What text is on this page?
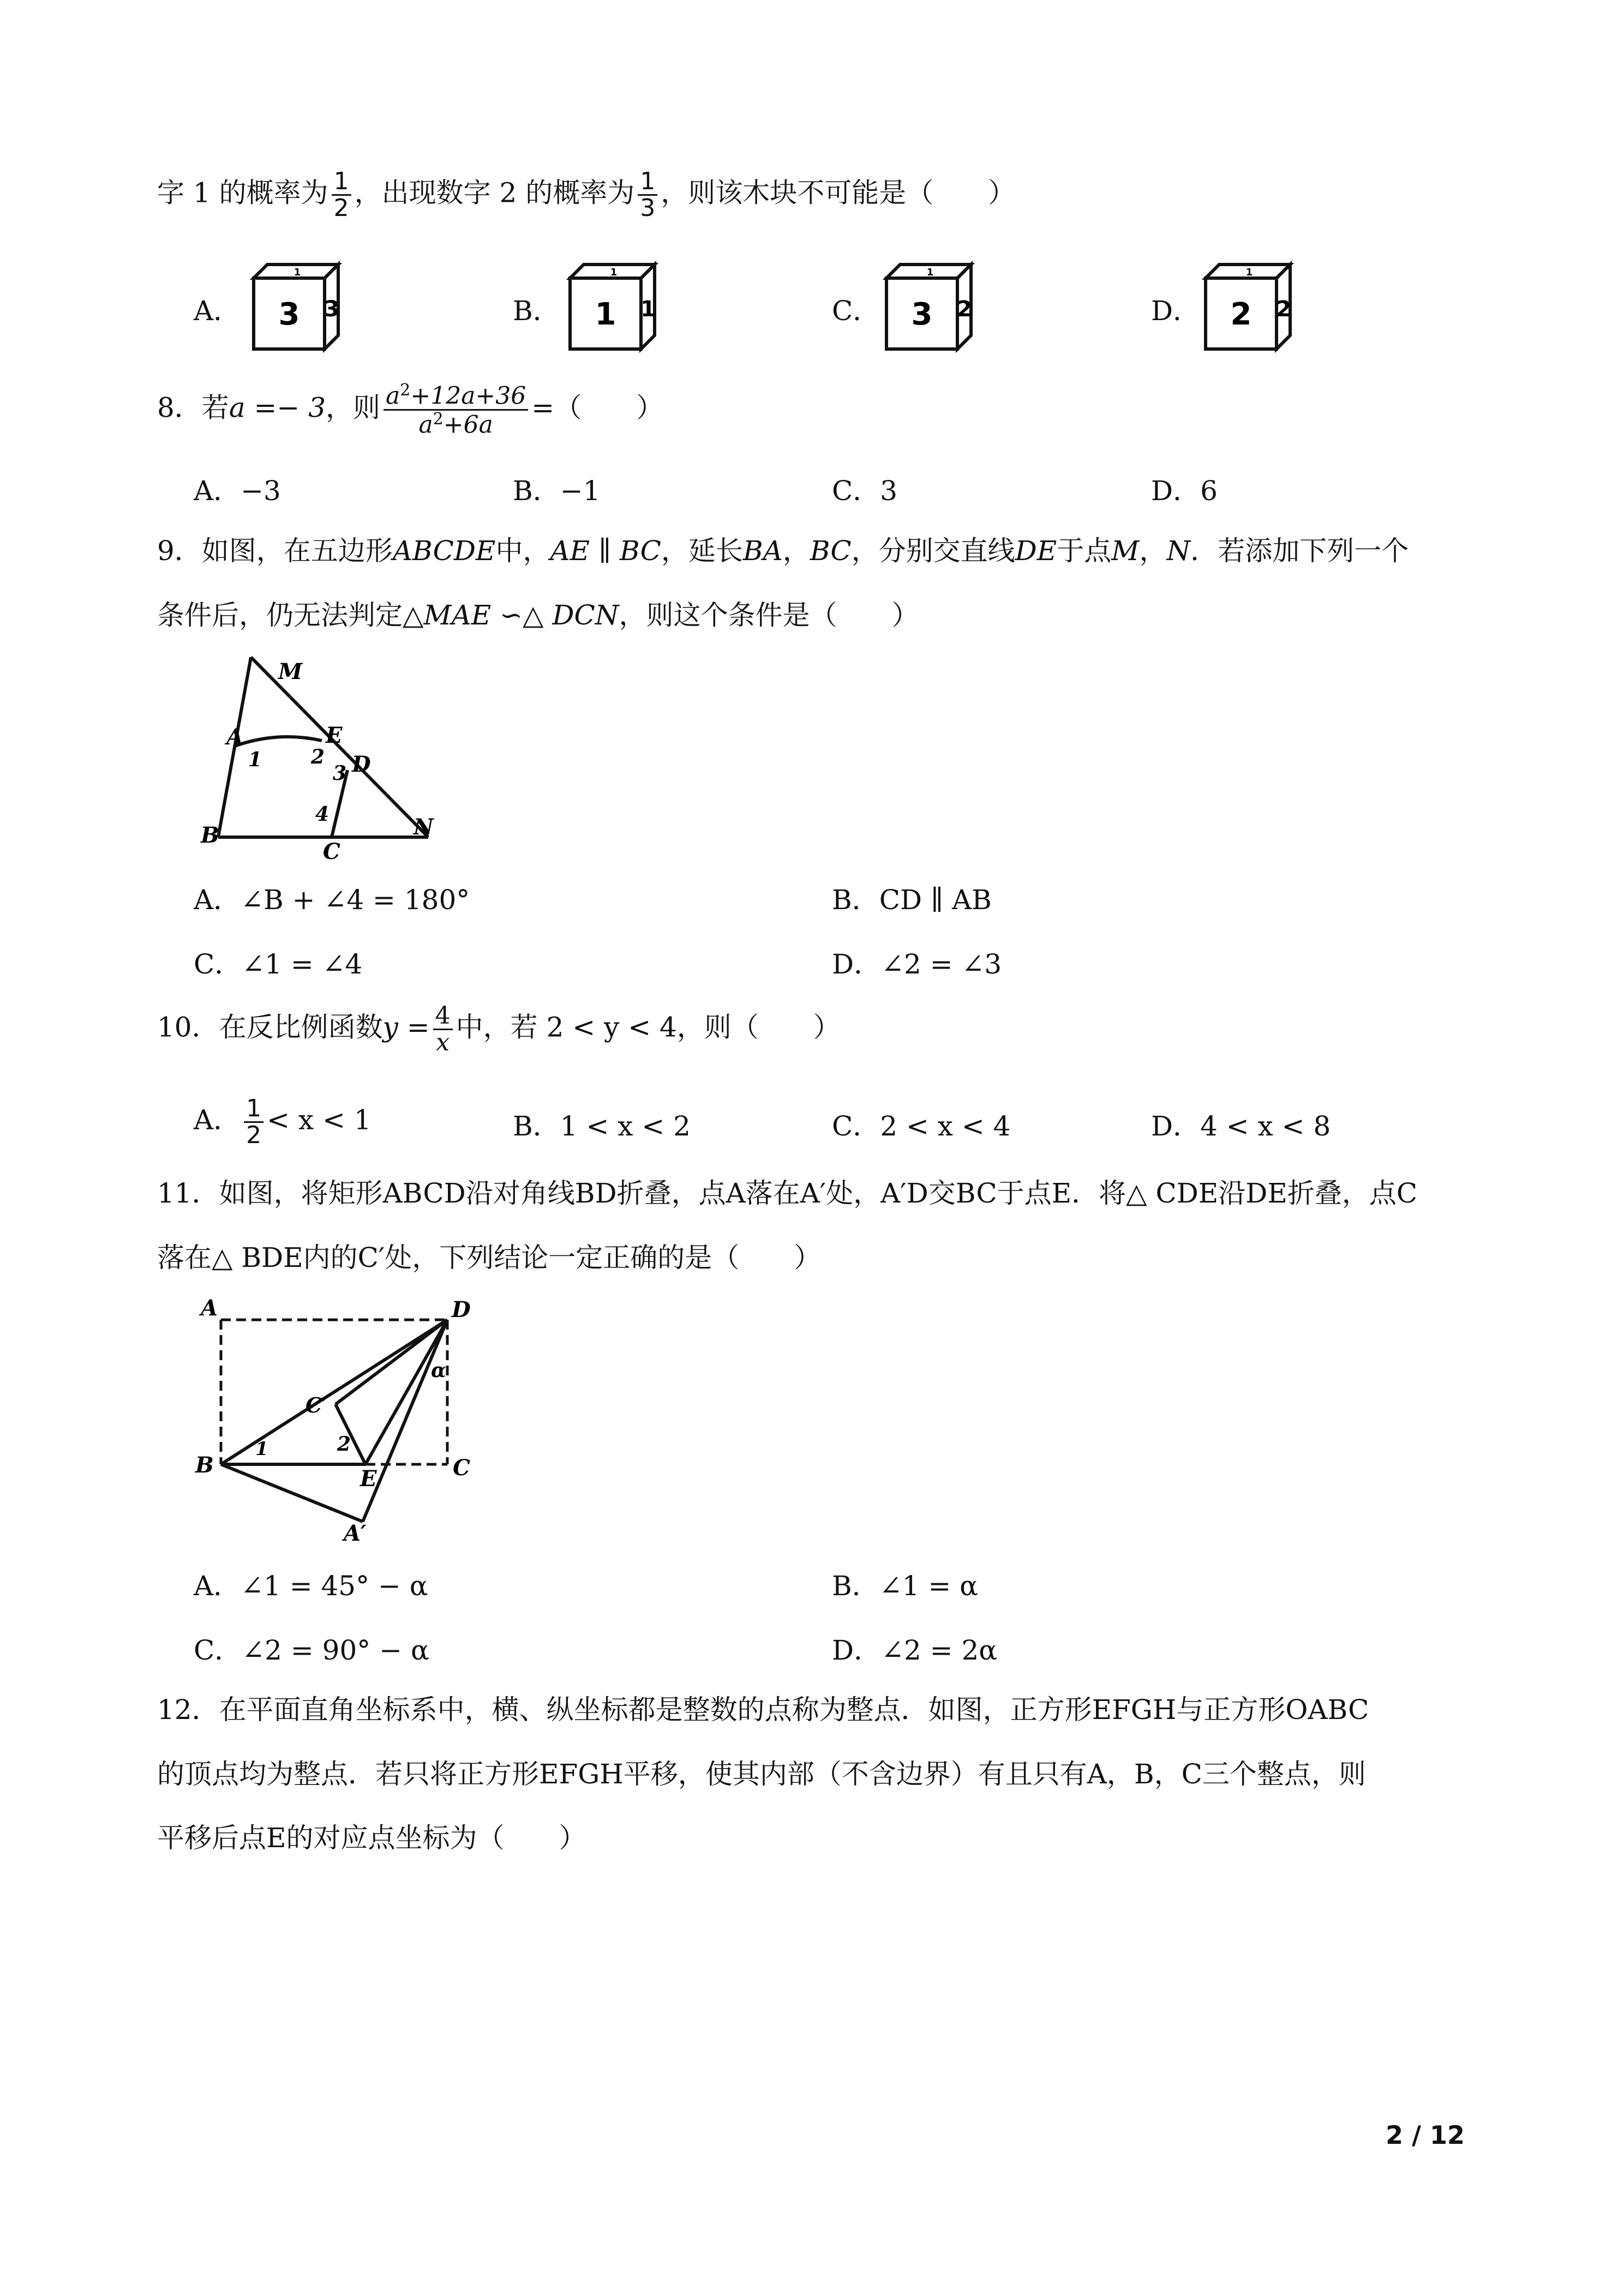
字 1 的概率为 $\frac{1}{2}$ ，出现数字 2 的概率为 $\frac{1}{3}$ ，则该木块不可能是（　　）
A．	B．	C．	D．
3 3
1
1 1
1
3 2
1
2 2
1
8．若a =− 3，则 $\frac{a^2+12a+36}{a^2+6a}$ =（　　）
A．−3	B．−1	C．3	D．6
9．如图，在五边形ABCDE中，AE ∥ BC，延长BA，BC，分别交直线DE于点M，N．若添加下列一个
条件后，仍无法判定△MAE ∽△ DCN，则这个条件是（　　）
M
A	E
1 2
3 D
4
B
C
N
A．∠B + ∠4 = 180°	B．CD ∥ AB
C．∠1 = ∠4	D．∠2 = ∠3
10．在反比例函数$y = \frac{4}{x}$ 中，若 2 < y < 4，则（　　）
A． $\frac{1}{2} < x < 1$	B．1 < x < 2	C．2 < x < 4	D．4 < x < 8
11．如图，将矩形ABCD沿对角线BD折叠，点A落在A′处，A′D交BC于点E．将△ CDE沿DE折叠，点C
落在△ BDE内的C′处，下列结论一定正确的是（　　）
A	D
α
C′
2
1
B
E	C
A′
A．∠1 = 45° − α	B．∠1 = α
C．∠2 = 90° − α	D．∠2 = 2α
12．在平面直角坐标系中，横、纵坐标都是整数的点称为整点．如图，正方形EFGH与正方形OABC
的顶点均为整点．若只将正方形EFGH平移，使其内部（不含边界）有且只有A，B，C三个整点，则
平移后点E的对应点坐标为（　　）
2 / 12
